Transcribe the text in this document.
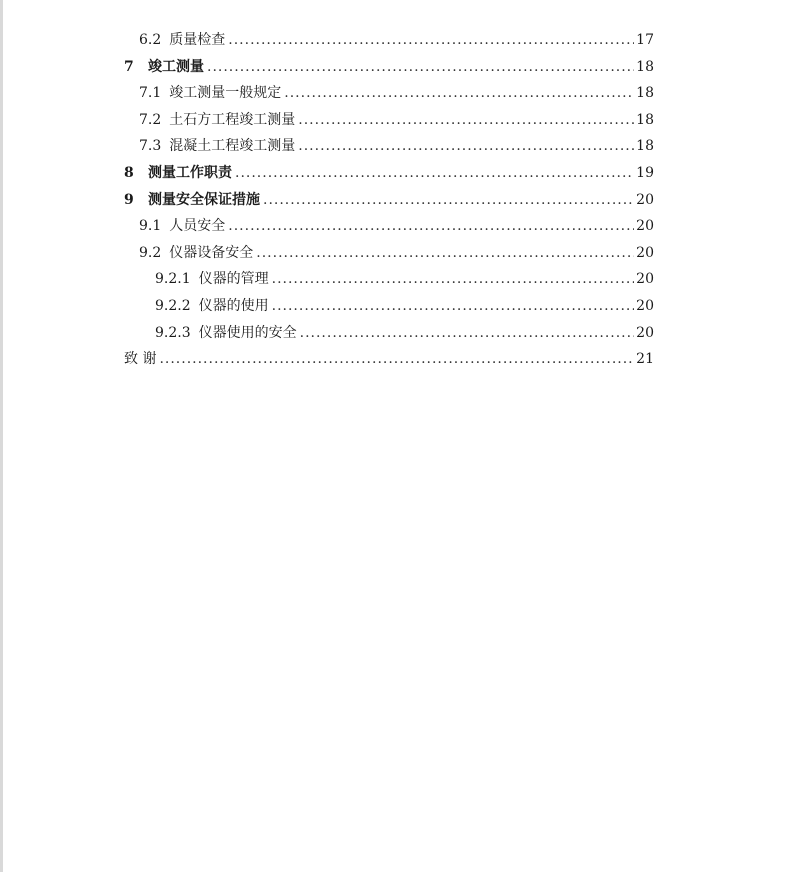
6.2 质量检查 .....	17
7	竣工测量 .....	18
7.1 竣工测量一般规定 .....	18
7.2 土石方工程竣工测量 .....	18
7.3 混凝土工程竣工测量 .....	18
8	测量工作职责 .....	19
9	测量安全保证措施 .....	20
9.1 人员安全 .....	20
9.2 仪器设备安全 .....	20
9.2.1 仪器的管理 .....	20
9.2.2 仪器的使用 .....	20
9.2.3 仪器使用的安全 .....	20
致 谢 .....	21
